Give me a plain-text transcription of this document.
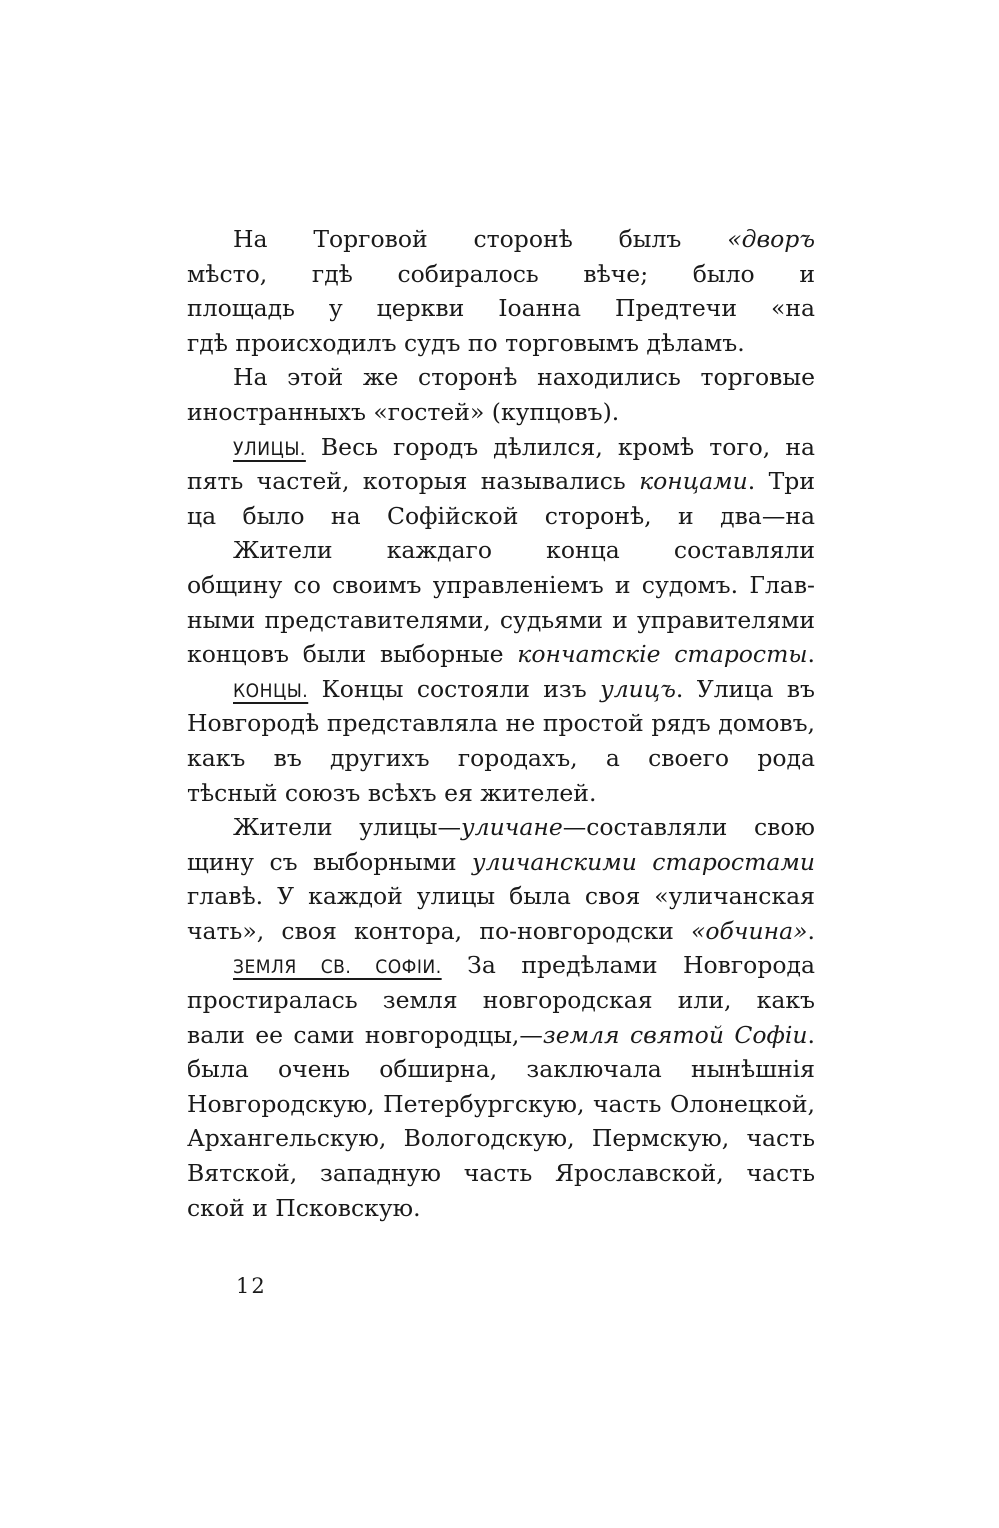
На Торговой сторонѣ былъ «дворъ
мѣсто, гдѣ собиралось вѣче; было и
площадь у церкви Іоанна Предтечи «на
гдѣ происходилъ судъ по торговымъ дѣламъ.
На этой же сторонѣ находились торговые
иностранныхъ «гостей» (купцовъ).
УЛИЦЫ. Весь городъ дѣлился, кромѣ того, на
пять частей, которыя назывались концами. Три
ца было на Софійской сторонѣ, и два—на
Жители каждаго конца составляли
общину со своимъ управленіемъ и судомъ. Глав-
ными представителями, судьями и управителями
концовъ были выборные кончатскіе старосты.
КОНЦЫ. Концы состояли изъ улицъ. Улица въ
Новгородѣ представляла не простой рядъ домовъ,
какъ въ другихъ городахъ, а своего рода
тѣсный союзъ всѣхъ ея жителей.
Жители улицы—уличане—составляли свою
щину съ выборными уличанскими старостами
главѣ. У каждой улицы была своя «уличанская
чать», своя контора, по-новгородски «обчина».
ЗЕМЛЯ СВ. СОФІИ. За предѣлами Новгорода
простиралась земля новгородская или, какъ
вали ее сами новгородцы,—земля святой Софіи.
была очень обширна, заключала нынѣшнія
Новгородскую, Петербургскую, часть Олонецкой,
Архангельскую, Вологодскую, Пермскую, часть
Вятской, западную часть Ярославской, часть
ской и Псковскую.
12
